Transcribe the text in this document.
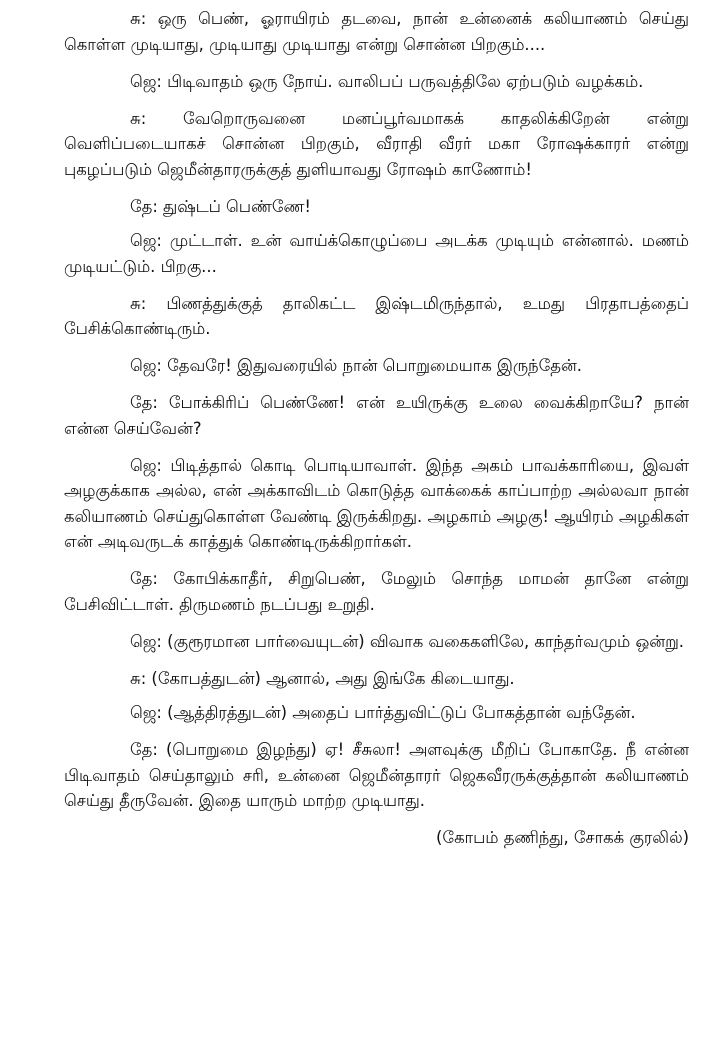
சு: ஒரு பெண், ஓராயிரம் தடவை, நான் உன்னைக் கலியாணம் செய்து கொள்ள முடியாது, முடியாது முடியாது என்று சொன்ன பிறகும்....

ஜெ: பிடிவாதம் ஒரு நோய். வாலிபப் பருவத்திலே ஏற்படும் வழக்கம்.

சு: வேறொருவனை மனப்பூர்வமாகக் காதலிக்கிறேன் என்று வெளிப்படையாகச் சொன்ன பிறகும், வீராதி வீரர் மகா ரோஷக்காரர் என்று புகழப்படும் ஜெமீன்தாரருக்குத் துளியாவது ரோஷம் காணோம்!

தே: துஷ்டப் பெண்ணே!

ஜெ: முட்டாள். உன் வாய்க்கொழுப்பை அடக்க முடியும் என்னால். மணம் முடியட்டும். பிறகு...

சு: பிணத்துக்குத் தாலிகட்ட இஷ்டமிருந்தால், உமது பிரதாபத்தைப் பேசிக்கொண்டிரும்.

ஜெ: தேவரே! இதுவரையில் நான் பொறுமையாக இருந்தேன்.

தே: போக்கிரிப் பெண்ணே! என் உயிருக்கு உலை வைக்கிறாயே? நான் என்ன செய்வேன்?

ஜெ: பிடித்தால் கொடி பொடியாவாள். இந்த அகம் பாவக்காரியை, இவள் அழகுக்காக அல்ல, என் அக்காவிடம் கொடுத்த வாக்கைக் காப்பாற்ற அல்லவா நான் கலியாணம் செய்துகொள்ள வேண்டி இருக்கிறது. அழகாம் அழகு! ஆயிரம் அழகிகள் என் அடிவருடக் காத்துக் கொண்டிருக்கிறார்கள்.

தே: கோபிக்காதீர், சிறுபெண், மேலும் சொந்த மாமன் தானே என்று பேசிவிட்டாள். திருமணம் நடப்பது உறுதி.

ஜெ: (குரூரமான பார்வையுடன்) விவாக வகைகளிலே, காந்தர்வமும் ஒன்று.

சு: (கோபத்துடன்) ஆனால், அது இங்கே கிடையாது.

ஜெ: (ஆத்திரத்துடன்) அதைப் பார்த்துவிட்டுப் போகத்தான் வந்தேன்.

தே: (பொறுமை இழந்து) ஏ! சீசுலா! அளவுக்கு மீறிப் போகாதே. நீ என்ன பிடிவாதம் செய்தாலும் சரி, உன்னை ஜெமீன்தாரர் ஜெகவீரருக்குத்தான் கலியாணம் செய்து தீருவேன். இதை யாரும் மாற்ற முடியாது.

(கோபம் தணிந்து, சோகக் குரலில்)
